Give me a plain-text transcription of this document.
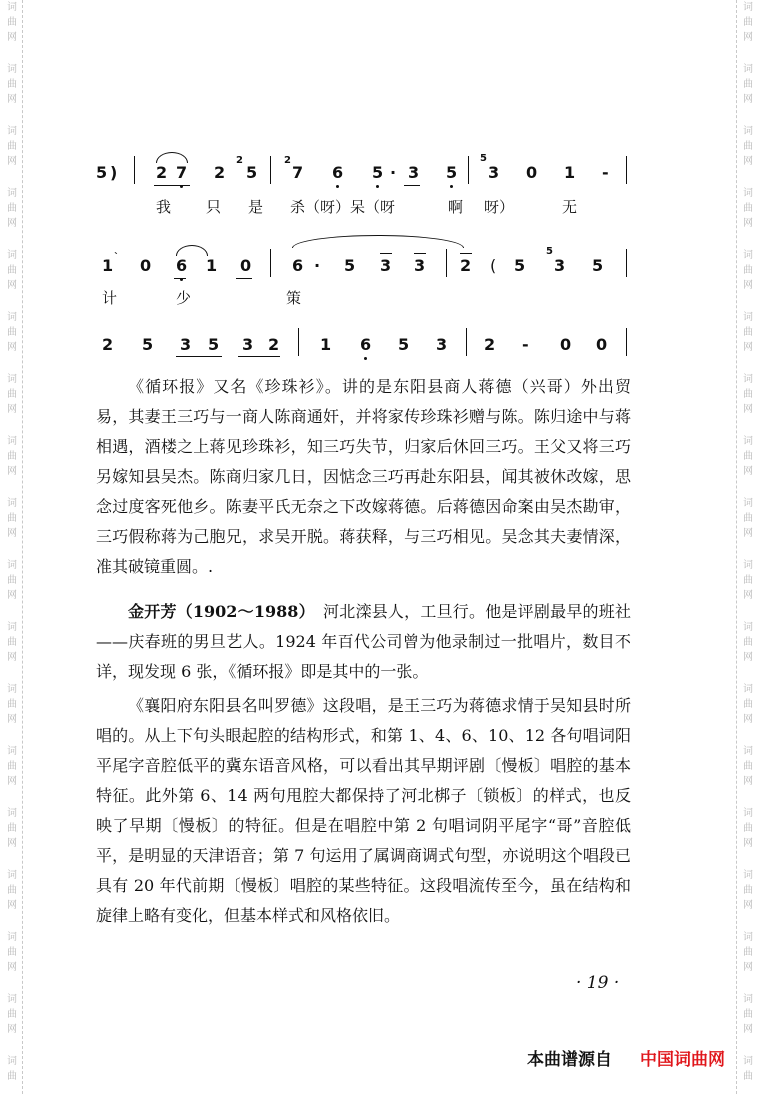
词
曲
网
词
曲
网
词
曲
网
词
曲
网
词
曲
网
词
曲
网
词
曲
网
词
曲
网
词
曲
网
词
曲
网
词
曲
网
词
曲
网
词
曲
网
词
曲
网
词
曲
网
词
曲
网
词
曲
网
词
曲
词
曲
网
词
曲
网
词
曲
网
词
曲
网
词
曲
网
词
曲
网
词
曲
网
词
曲
网
词
曲
网
词
曲
网
词
曲
网
词
曲
网
词
曲
网
词
曲
网
词
曲
网
词
曲
网
词
曲
网
词
曲
5 ) 2 7 2
2
5
2
7 6 5 · 3 5
5
3 0 1 -
我 只 是 杀（呀）呆（呀	啊 呀）	无
1 ˋ 0 6 1 0	6 · 5 3 3 2 ( 5
5
3 5
计	少	策
2 5 3 5 3 2	1 6 5 3 2 - 0 0

《循环报》又名《珍珠衫》。讲的是东阳县商人蒋德（兴哥）外出贸易，其妻王三巧与一商人陈商通奸，并将家传珍珠衫赠与陈。陈归途中与蒋相遇，酒楼之上蒋见珍珠衫，知三巧失节，归家后休回三巧。王父又将三巧另嫁知县吴杰。陈商归家几日，因惦念三巧再赴东阳县，闻其被休改嫁，思念过度客死他乡。陈妻平氏无奈之下改嫁蒋德。后蒋德因命案由吴杰勘审，三巧假称蒋为己胞兄，求吴开脱。蒋获释，与三巧相见。吴念其夫妻情深，准其破镜重圆。.

金开芳（1902～1988）　河北滦县人，工旦行。他是评剧最早的班社——庆春班的男旦艺人。1924 年百代公司曾为他录制过一批唱片，数目不详，现发现 6 张，《循环报》即是其中的一张。

《襄阳府东阳县名叫罗德》这段唱，是王三巧为蒋德求情于吴知县时所唱的。从上下句头眼起腔的结构形式，和第 1、4、6、10、12 各句唱词阳平尾字音腔低平的冀东语音风格，可以看出其早期评剧〔慢板〕唱腔的基本特征。此外第 6、14 两句甩腔大都保持了河北梆子〔锁板〕的样式，也反映了早期〔慢板〕的特征。但是在唱腔中第 2 句唱词阴平尾字“哥”音腔低平，是明显的天津语音；第 7 句运用了属调商调式句型，亦说明这个唱段已具有 20 年代前期〔慢板〕唱腔的某些特征。这段唱流传至今，虽在结构和旋律上略有变化，但基本样式和风格依旧。

· 19 ·
本曲谱源自 中国词曲网
